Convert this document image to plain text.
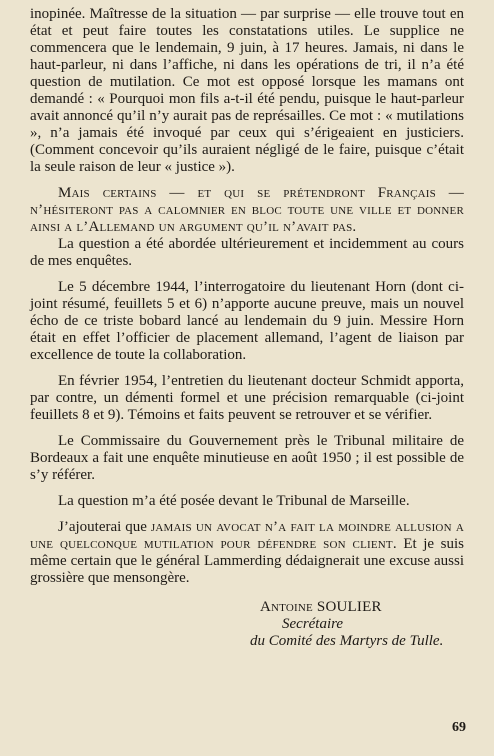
inopinée. Maîtresse de la situation — par surprise — elle trouve tout en état et peut faire toutes les constatations utiles. Le supplice ne commencera que le lendemain, 9 juin, à 17 heures. Jamais, ni dans le haut-parleur, ni dans l’affiche, ni dans les opérations de tri, il n’a été question de mutilation. Ce mot est opposé lorsque les mamans ont demandé : « Pourquoi mon fils a-t-il été pendu, puisque le haut-parleur avait annoncé qu’il n’y aurait pas de représailles. Ce mot : « mutilations », n’a jamais été invoqué par ceux qui s’érigeaient en justiciers. (Comment concevoir qu’ils auraient négligé de le faire, puisque c’était la seule raison de leur « justice »).

Mais certains — et qui se prétendront Français — n’hésiteront pas a calomnier en bloc toute une ville et donner ainsi a l’Allemand un argument qu’il n’avait pas.

La question a été abordée ultérieurement et incidemment au cours de mes enquêtes.

Le 5 décembre 1944, l’interrogatoire du lieutenant Horn (dont ci-joint résumé, feuillets 5 et 6) n’apporte aucune preuve, mais un nouvel écho de ce triste bobard lancé au lendemain du 9 juin. Messire Horn était en effet l’officier de placement allemand, l’agent de liaison par excellence de toute la collaboration.

En février 1954, l’entretien du lieutenant docteur Schmidt apporta, par contre, un démenti formel et une précision remarquable (ci-joint feuillets 8 et 9). Témoins et faits peuvent se retrouver et se vérifier.

Le Commissaire du Gouvernement près le Tribunal militaire de Bordeaux a fait une enquête minutieuse en août 1950 ; il est possible de s’y référer.

La question m’a été posée devant le Tribunal de Marseille.

J’ajouterai que jamais un avocat n’a fait la moindre allusion a une quelconque mutilation pour défendre son client. Et je suis même certain que le général Lammerding dédaignerait une excuse aussi grossière que mensongère.

Antoine SOULIER
Secrétaire
du Comité des Martyrs de Tulle.
69
